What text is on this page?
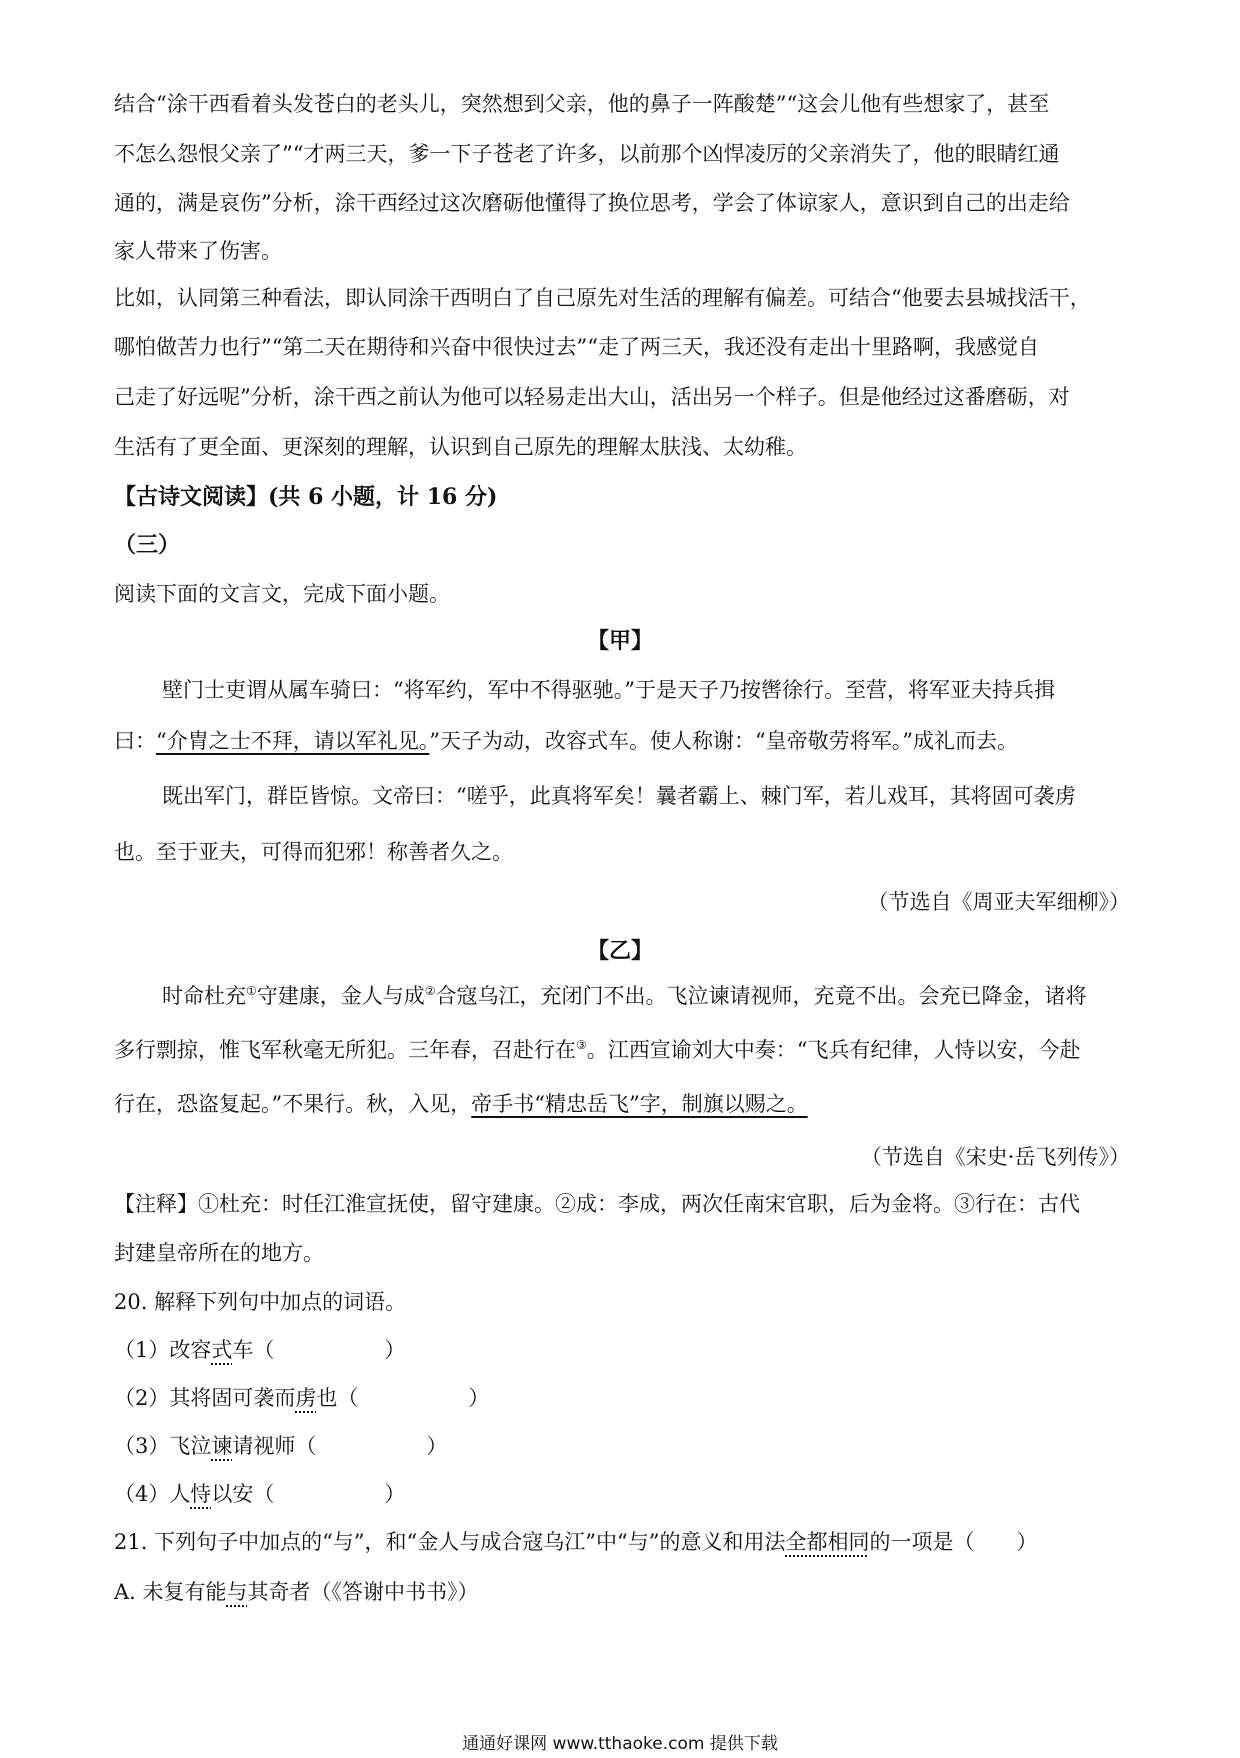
结合“涂干西看着头发苍白的老头儿，突然想到父亲，他的鼻子一阵酸楚”“这会儿他有些想家了，甚至
不怎么怨恨父亲了”“才两三天，爹一下子苍老了许多，以前那个凶悍凌厉的父亲消失了，他的眼睛红通
通的，满是哀伤”分析，涂干西经过这次磨砺他懂得了换位思考，学会了体谅家人，意识到自己的出走给
家人带来了伤害。
比如，认同第三种看法，即认同涂干西明白了自己原先对生活的理解有偏差。可结合“他要去县城找活干，
哪怕做苦力也行”“第二天在期待和兴奋中很快过去”“走了两三天，我还没有走出十里路啊，我感觉自
己走了好远呢”分析，涂干西之前认为他可以轻易走出大山，活出另一个样子。但是他经过这番磨砺，对
生活有了更全面、更深刻的理解，认识到自己原先的理解太肤浅、太幼稚。
【古诗文阅读】(共 6 小题，计 16 分)
（三）
阅读下面的文言文，完成下面小题。
【甲】
壁门士吏谓从属车骑曰：“将军约，军中不得驱驰。”于是天子乃按辔徐行。至营，将军亚夫持兵揖
曰：“介胄之士不拜，请以军礼见。”天子为动，改容式车。使人称谢：“皇帝敬劳将军。”成礼而去。
既出军门，群臣皆惊。文帝曰：“嗟乎，此真将军矣！曩者霸上、棘门军，若儿戏耳，其将固可袭虏
也。至于亚夫，可得而犯邪！称善者久之。
（节选自《周亚夫军细柳》）
【乙】
时命杜充①守建康，金人与成②合寇乌江，充闭门不出。飞泣谏请视师，充竟不出。会充已降金，诸将
多行剽掠，惟飞军秋毫无所犯。三年春，召赴行在③。江西宣谕刘大中奏：“飞兵有纪律，人恃以安，今赴
行在，恐盗复起。”不果行。秋，入见，帝手书“精忠岳飞”字，制旗以赐之。
（节选自《宋史·岳飞列传》）
【注释】①杜充：时任江淮宣抚使，留守建康。②成：李成，两次任南宋官职，后为金将。③行在：古代
封建皇帝所在的地方。
20. 解释下列句中加点的词语。
（1）改容式车（	）
（2）其将固可袭而虏也（	）
（3）飞泣谏请视师（	）
（4）人恃以安（	）
21. 下列句子中加点的“与”，和“金人与成合寇乌江”中“与”的意义和用法全都相同的一项是（　　）
A. 未复有能与其奇者（《答谢中书书》）
通通好课网 www.tthaoke.com 提供下载
